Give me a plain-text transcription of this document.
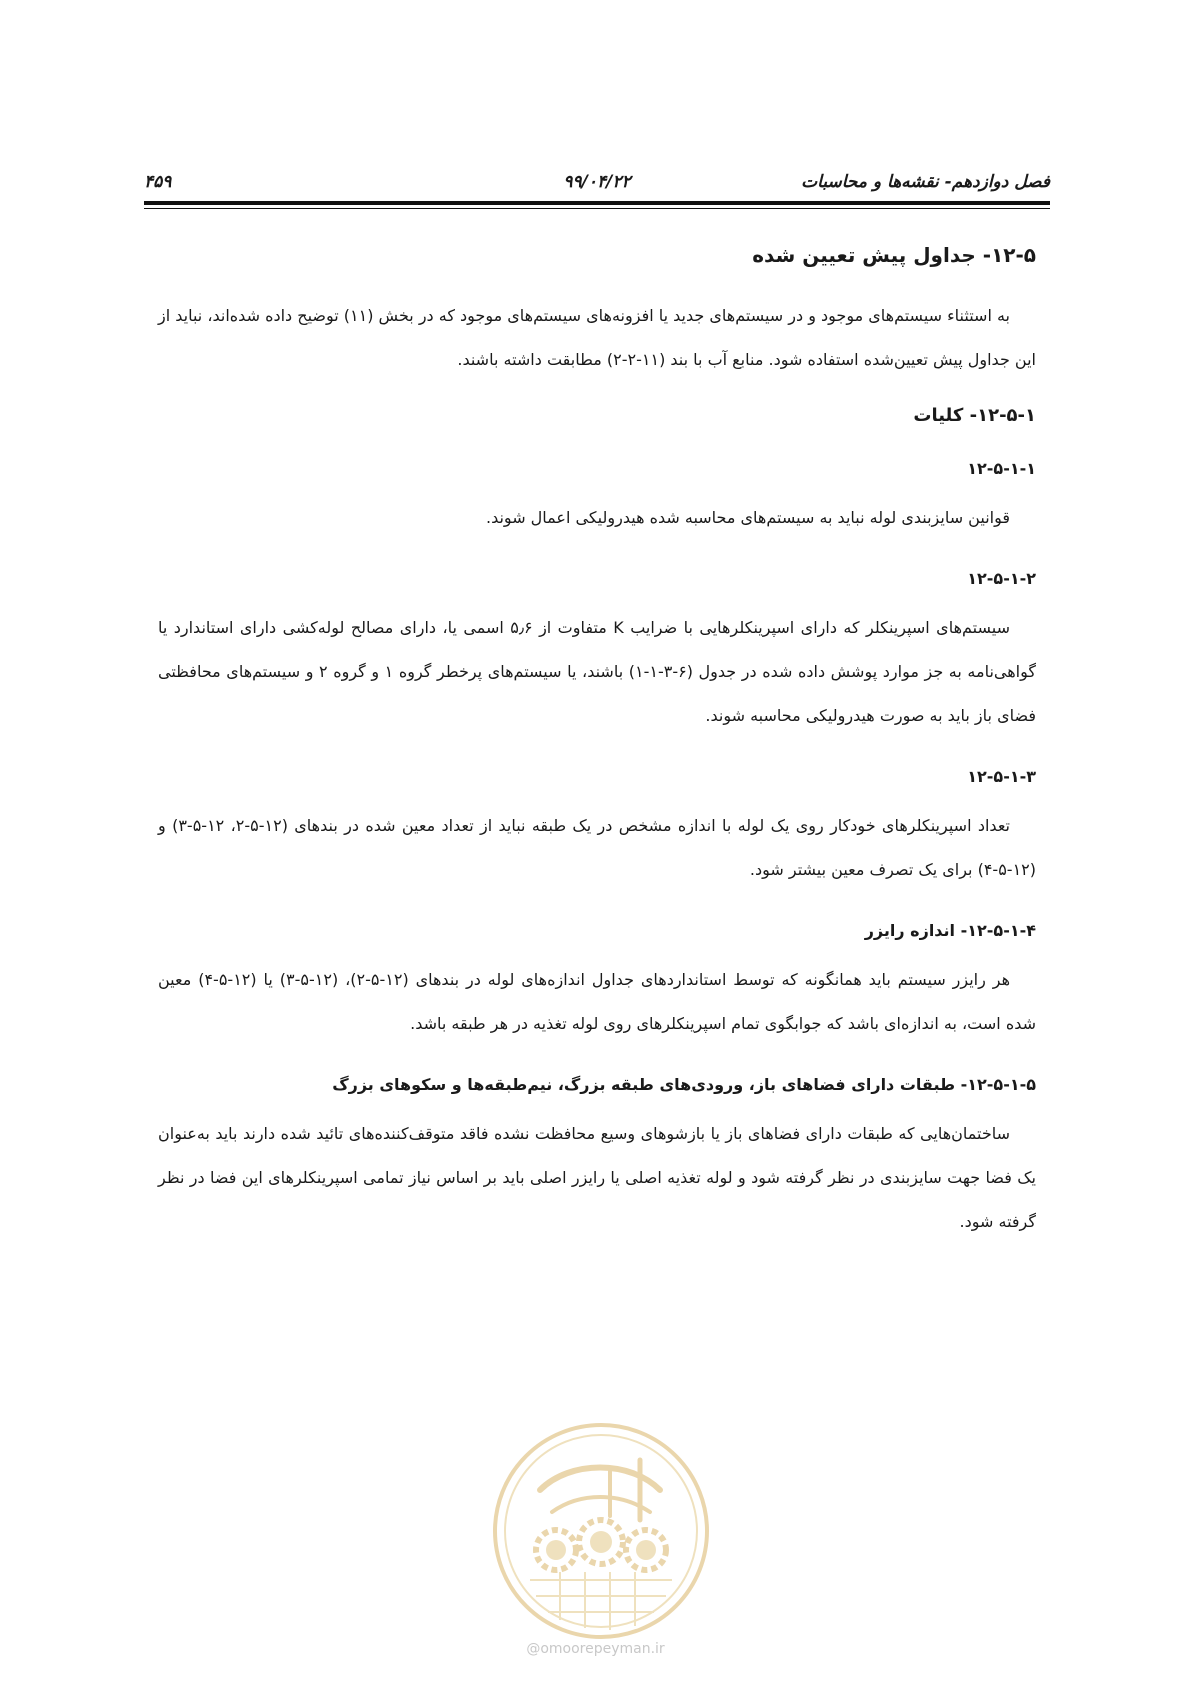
فصل دوازدهم- نقشه‌ها و محاسبات
۹۹/۰۴/۲۲
۴۵۹
۱۲-۵- جداول پیش تعیین شده

به استثناء سیستم‌های موجود و در سیستم‌های جدید یا افزونه‌های سیستم‌های موجود که در بخش (۱۱) توضیح داده شده‌اند، نباید از این جداول پیش تعیین‌شده استفاده شود. منابع آب با بند (۱۱-۲-۲) مطابقت داشته باشند.

۱۲-۵-۱- کلیات
۱۲-۵-۱-۱

قوانین سایزبندی لوله نباید به سیستم‌های محاسبه شده هیدرولیکی اعمال شوند.

۱۲-۵-۱-۲

سیستم‌های اسپرینکلر که دارای اسپرینکلرهایی با ضرایب K متفاوت از ۵٫۶ اسمی یا، دارای مصالح لوله‌کشی دارای استاندارد یا گواهی‌نامه به جز موارد پوشش داده شده در جدول (۶-۳-۱-۱) باشند، یا سیستم‌های پرخطر گروه ۱ و گروه ۲ و سیستم‌های محافظتی فضای باز باید به صورت هیدرولیکی محاسبه شوند.

۱۲-۵-۱-۳

تعداد اسپرینکلرهای خودکار روی یک لوله با اندازه مشخص در یک طبقه نباید از تعداد معین شده در بندهای (۱۲-۵-۲، ۱۲-۵-۳) و (۱۲-۵-۴) برای یک تصرف معین بیشتر شود.

۱۲-۵-۱-۴- اندازه رایزر

هر رایزر سیستم باید همانگونه که توسط استانداردهای جداول اندازه‌های لوله در بندهای (۱۲-۵-۲)، (۱۲-۵-۳) یا (۱۲-۵-۴) معین شده است، به اندازه‌ای باشد که جوابگوی تمام اسپرینکلرهای روی لوله تغذیه در هر طبقه باشد.

۱۲-۵-۱-۵- طبقات دارای فضاهای باز، ورودی‌های طبقه بزرگ، نیم‌طبقه‌ها و سکوهای بزرگ

ساختمان‌هایی که طبقات دارای فضاهای باز یا بازشوهای وسیع محافظت نشده فاقد متوقف‌کننده‌های تائید شده دارند باید به‌عنوان یک فضا جهت سایزبندی در نظر گرفته شود و لوله تغذیه اصلی یا رایزر اصلی باید بر اساس نیاز تمامی اسپرینکلرهای این فضا در نظر گرفته شود.

@omoorepeyman.ir
